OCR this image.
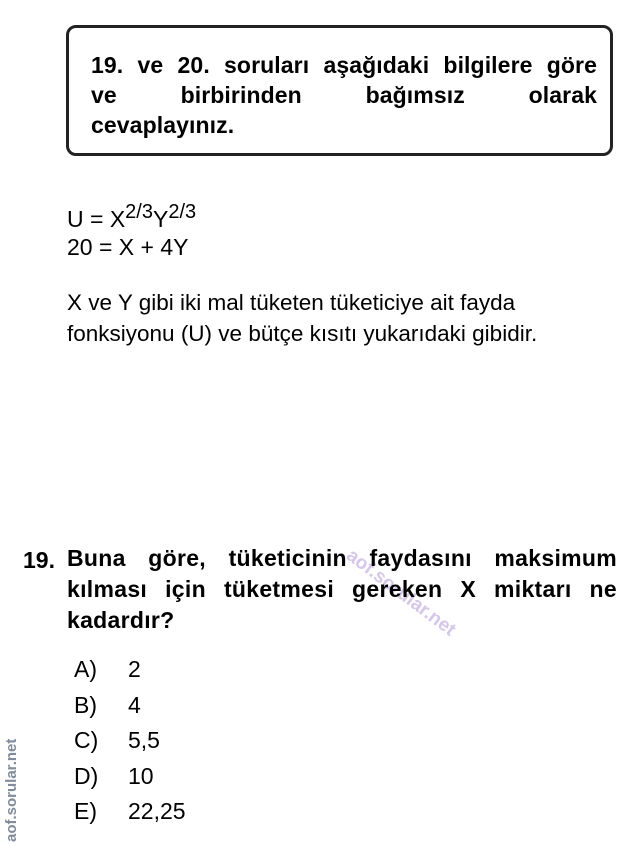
19. ve 20. soruları aşağıdaki bilgilere göre
ve birbirinden bağımsız olarak
cevaplayınız.
U = X2/3Y2/3
20 = X + 4Y
X ve Y gibi iki mal tüketen tüketiciye ait fayda fonksiyonu (U) ve bütçe kısıtı yukarıdaki gibidir.
aof.sorular.net
19. Buna göre, tüketicinin faydasını maksimum kılması için tüketmesi gereken X miktarı ne kadardır?
A)	2
B)	4
C)	5,5
D)	10
E)	22,25
aof.sorular.net
